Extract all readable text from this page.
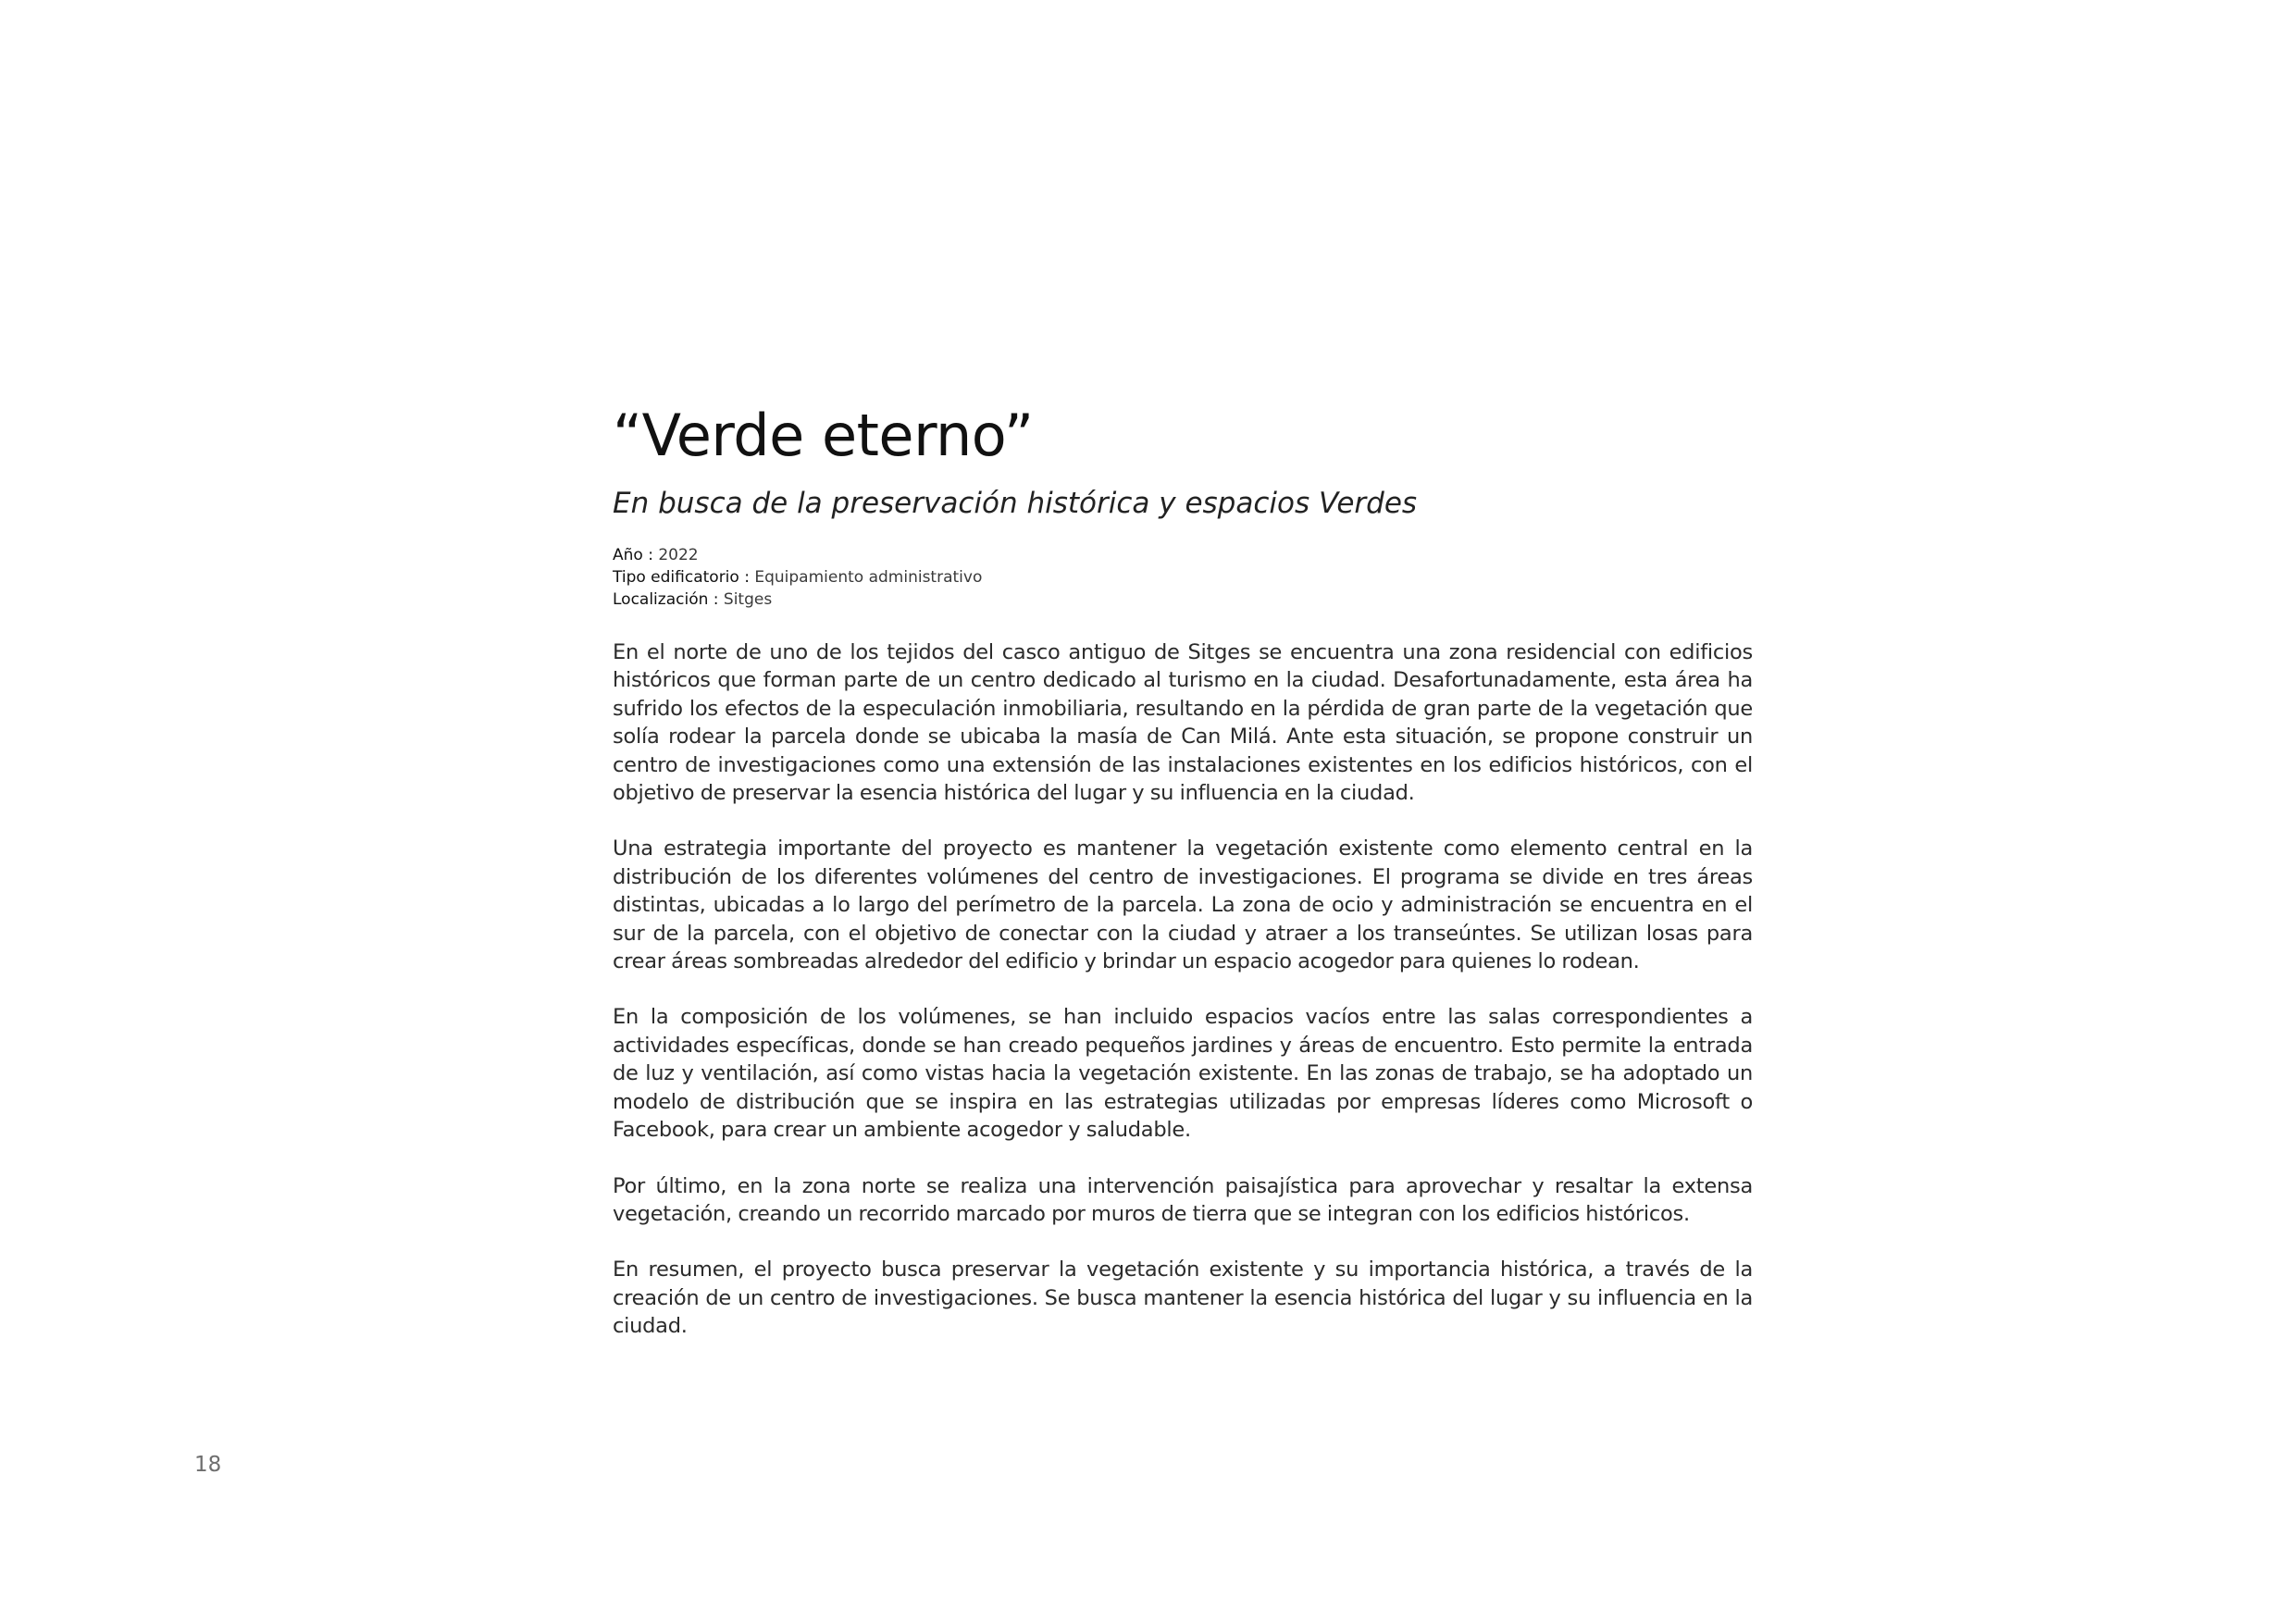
“Verde eterno”
En busca de la preservación histórica y espacios Verdes
Año : 2022
Tipo edificatorio : Equipamiento administrativo
Localización : Sitges

En el norte de uno de los tejidos del casco antiguo de Sitges se encuentra una zona residencial con edificios históricos que forman parte de un centro dedicado al turismo en la ciudad. Desafortunadamente, esta área ha sufrido los efectos de la especulación inmobiliaria, resultando en la pérdida de gran parte de la vegetación que solía rodear la parcela donde se ubicaba la masía de Can Milá. Ante esta situación, se propone construir un centro de investigaciones como una extensión de las instalaciones existentes en los edificios históricos, con el objetivo de preservar la esencia histórica del lugar y su influencia en la ciudad.

Una estrategia importante del proyecto es mantener la vegetación existente como elemento central en la distribución de los diferentes volúmenes del centro de investigaciones. El programa se divide en tres áreas distintas, ubicadas a lo largo del perímetro de la parcela. La zona de ocio y administración se encuentra en el sur de la parcela, con el objetivo de conectar con la ciudad y atraer a los transeúntes. Se utilizan losas para crear áreas sombreadas alrededor del edificio y brindar un espacio acogedor para quienes lo rodean.

En la composición de los volúmenes, se han incluido espacios vacíos entre las salas correspondientes a actividades específicas, donde se han creado pequeños jardines y áreas de encuentro. Esto permite la entrada de luz y ventilación, así como vistas hacia la vegetación existente. En las zonas de trabajo, se ha adoptado un modelo de distribución que se inspira en las estrategias utilizadas por empresas líderes como Microsoft o Facebook, para crear un ambiente acogedor y saludable.

Por último, en la zona norte se realiza una intervención paisajística para aprovechar y resaltar la extensa vegetación, creando un recorrido marcado por muros de tierra que se integran con los edificios históricos.

En resumen, el proyecto busca preservar la vegetación existente y su importancia histórica, a través de la creación de un centro de investigaciones. Se busca mantener la esencia histórica del lugar y su influencia en la ciudad.

18
